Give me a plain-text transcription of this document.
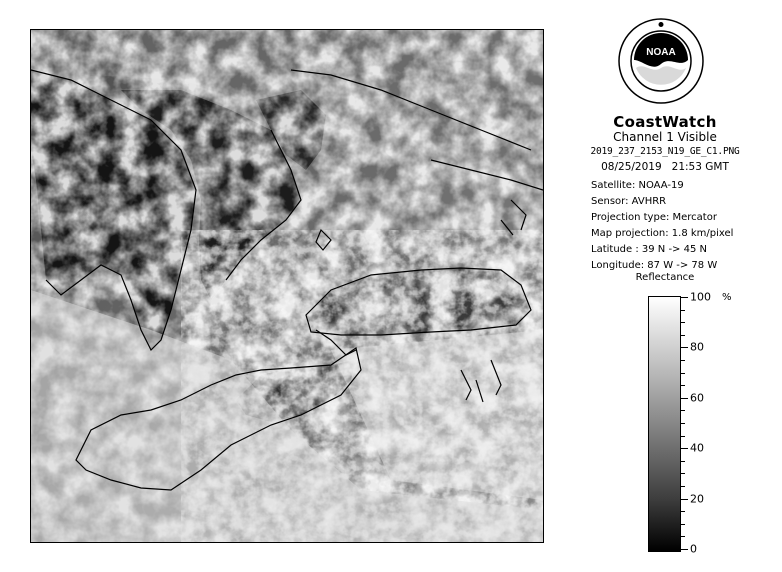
NOAA
CoastWatch
Channel 1 Visible
2019_237_2153_N19_GE_C1.PNG
08/25/2019   21:53 GMT
Satellite: NOAA-19
Sensor: AVHRR
Projection type: Mercator
Map projection: 1.8 km/pixel
Latitude : 39 N -> 45 N
Longitude: 87 W -> 78 W
Reflectance
%
100
80
60
40
20
0
